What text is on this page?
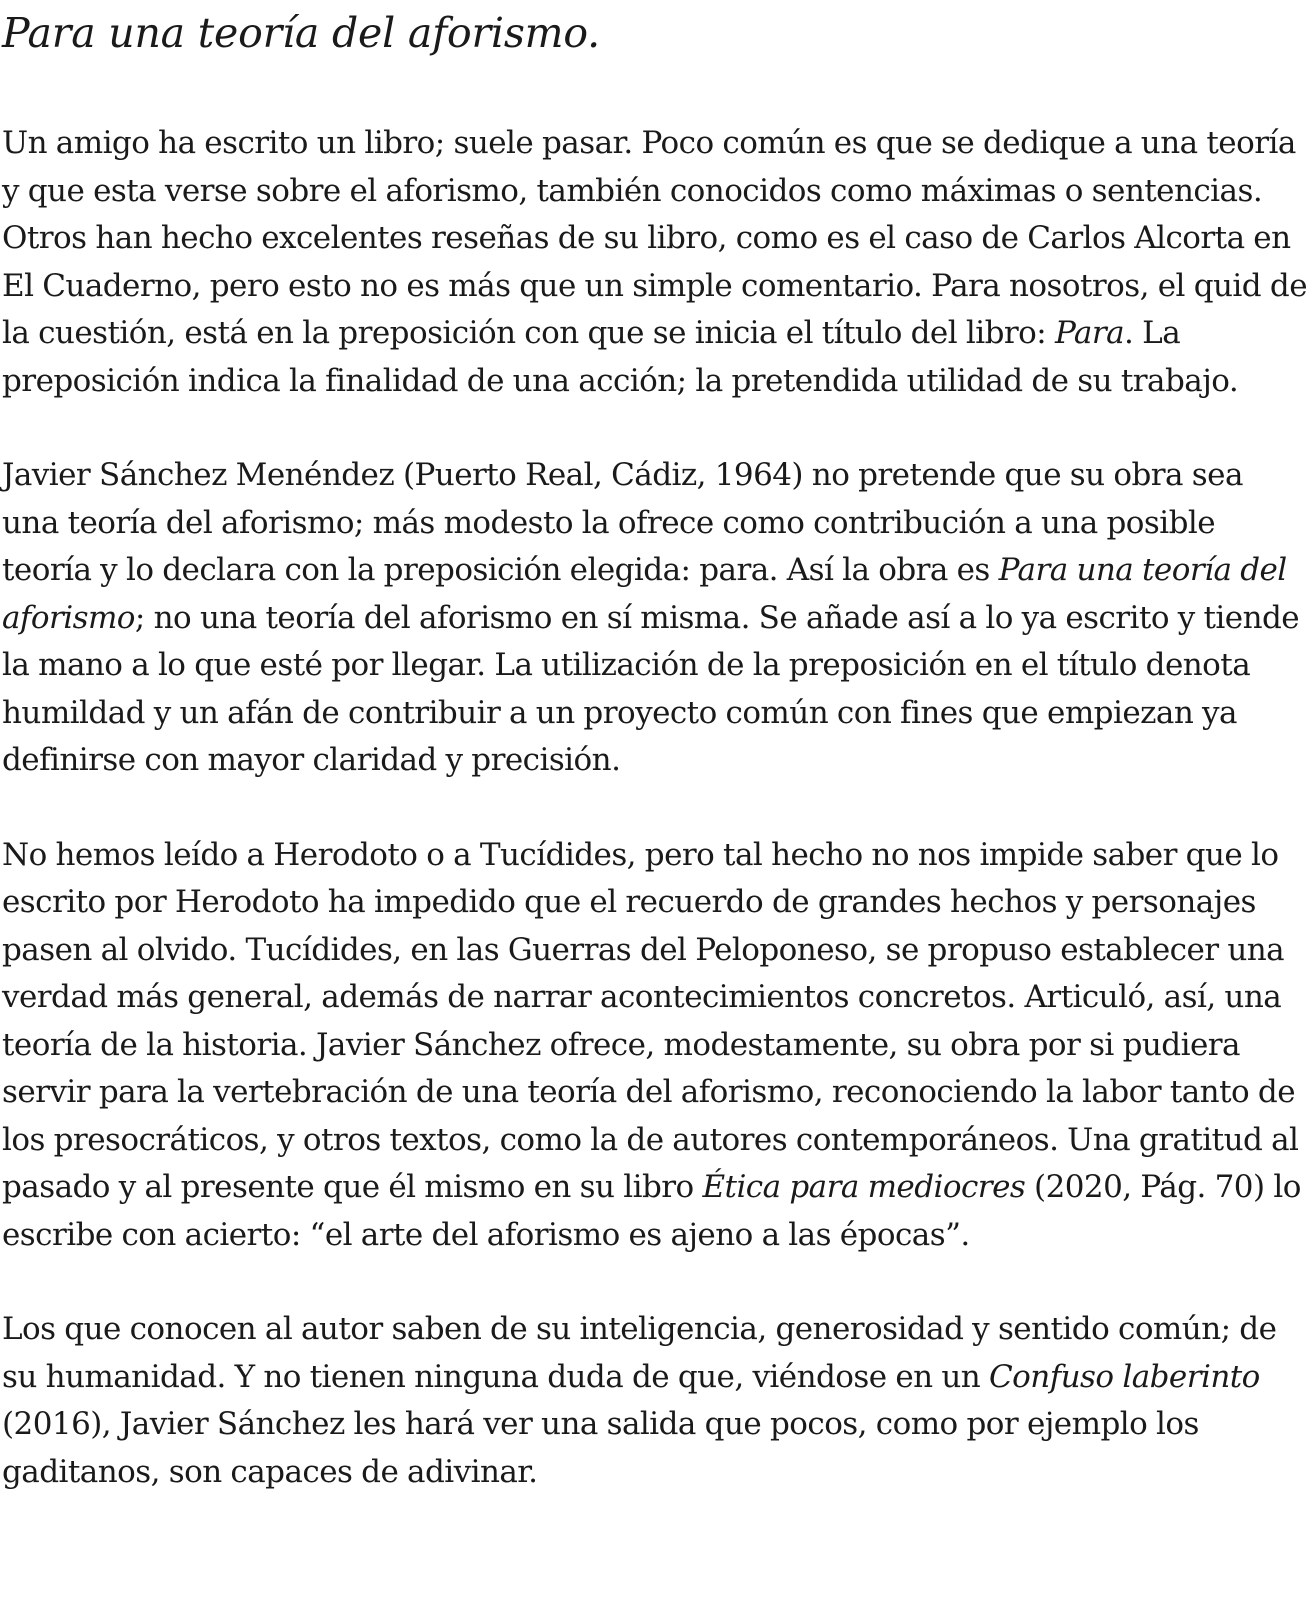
Para una teoría del aforismo.

Un amigo ha escrito un libro; suele pasar. Poco común es que se dedique a una teoría y que esta verse sobre el aforismo, también conocidos como máximas o sentencias. Otros han hecho excelentes reseñas de su libro, como es el caso de Carlos Alcorta en El Cuaderno, pero esto no es más que un simple comentario. Para nosotros, el quid de la cuestión, está en la preposición con que se inicia el título del libro: Para. La preposición indica la finalidad de una acción; la pretendida utilidad de su trabajo.

Javier Sánchez Menéndez (Puerto Real, Cádiz, 1964) no pretende que su obra sea una teoría del aforismo; más modesto la ofrece como contribución a una posible teoría y lo declara con la preposición elegida: para. Así la obra es Para una teoría del aforismo; no una teoría del aforismo en sí misma. Se añade así a lo ya escrito y tiende la mano a lo que esté por llegar. La utilización de la preposición en el título denota humildad y un afán de contribuir a un proyecto común con fines que empiezan ya definirse con mayor claridad y precisión.

No hemos leído a Herodoto o a Tucídides, pero tal hecho no nos impide saber que lo escrito por Herodoto ha impedido que el recuerdo de grandes hechos y personajes pasen al olvido. Tucídides, en las Guerras del Peloponeso, se propuso establecer una verdad más general, además de narrar acontecimientos concretos. Articuló, así, una teoría de la historia. Javier Sánchez ofrece, modestamente, su obra por si pudiera servir para la vertebración de una teoría del aforismo, reconociendo la labor tanto de los presocráticos, y otros textos, como la de autores contemporáneos. Una gratitud al pasado y al presente que él mismo en su libro Ética para mediocres (2020, Pág. 70) lo escribe con acierto: “el arte del aforismo es ajeno a las épocas”.

Los que conocen al autor saben de su inteligencia, generosidad y sentido común; de su humanidad. Y no tienen ninguna duda de que, viéndose en un Confuso laberinto (2016), Javier Sánchez les hará ver una salida que pocos, como por ejemplo los gaditanos, son capaces de adivinar.
